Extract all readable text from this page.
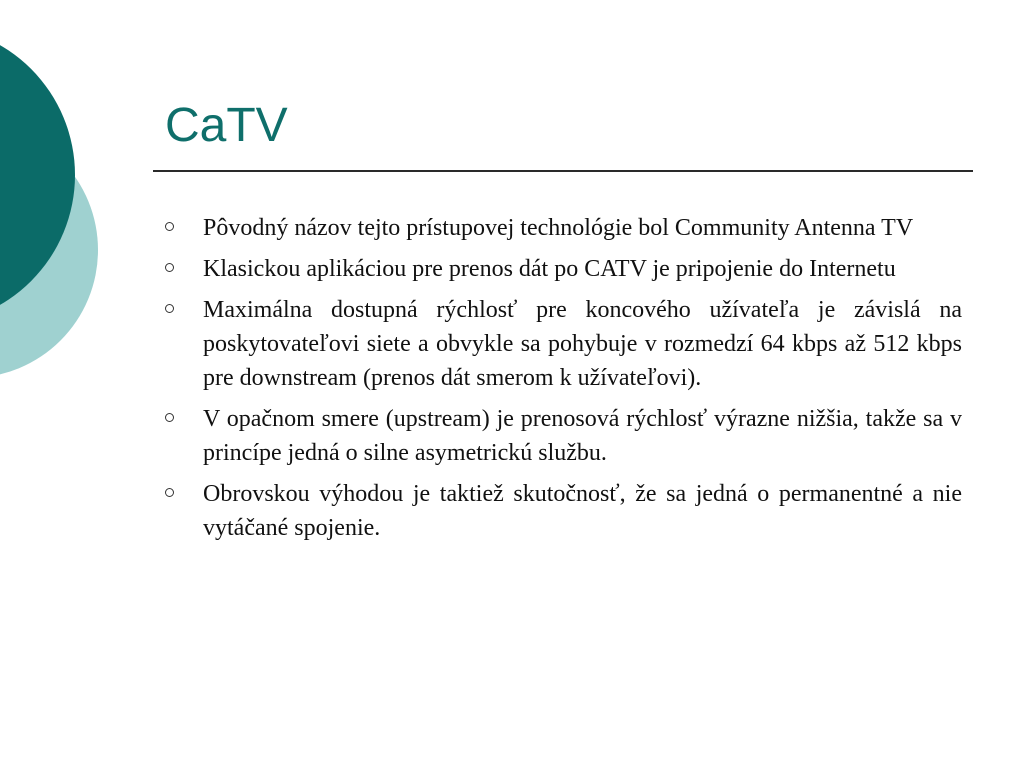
CaTV
Pôvodný názov tejto prístupovej technológie bol Community Antenna TV
Klasickou aplikáciou pre prenos dát po CATV je pripojenie do Internetu
Maximálna dostupná rýchlosť pre koncového užívateľa je závislá na poskytovateľovi siete a obvykle sa pohybuje v rozmedzí 64 kbps až 512 kbps pre downstream (prenos dát smerom k užívateľovi).
V opačnom smere (upstream) je prenosová rýchlosť výrazne nižšia, takže sa v princípe jedná o silne asymetrickú službu.
Obrovskou výhodou je taktiež skutočnosť, že sa jedná o permanentné a nie vytáčané spojenie.
